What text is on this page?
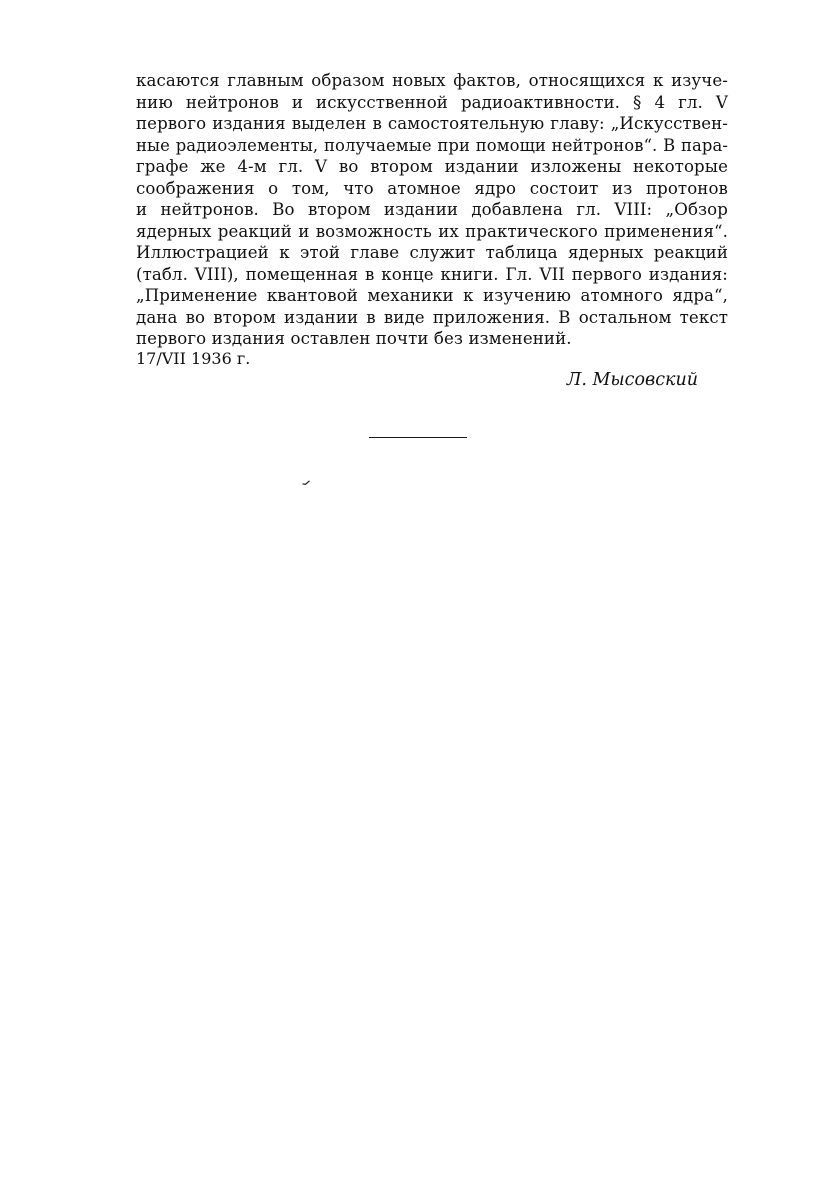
касаются главным образом новых фактов, относящихся к изуче-
нию нейтронов и искусственной радиоактивности. § 4 гл. V
первого издания выделен в самостоятельную главу: „Искусствен-
ные радиоэлементы, получаемые при помощи нейтронов“. В пара-
графе же 4-м гл. V во втором издании изложены некоторые
соображения о том, что атомное ядро состоит из протонов
и нейтронов. Во втором издании добавлена гл. VIII: „Обзор
ядерных реакций и возможность их практического применения“.
Иллюстрацией к этой главе служит таблица ядерных реакций
(табл. VIII), помещенная в конце книги. Гл. VII первого издания:
„Применение квантовой механики к изучению атомного ядра“,
дана во втором издании в виде приложения. В остальном текст
первого издания оставлен почти без изменений.
17/VII 1936 г.
Л. Мысовский
